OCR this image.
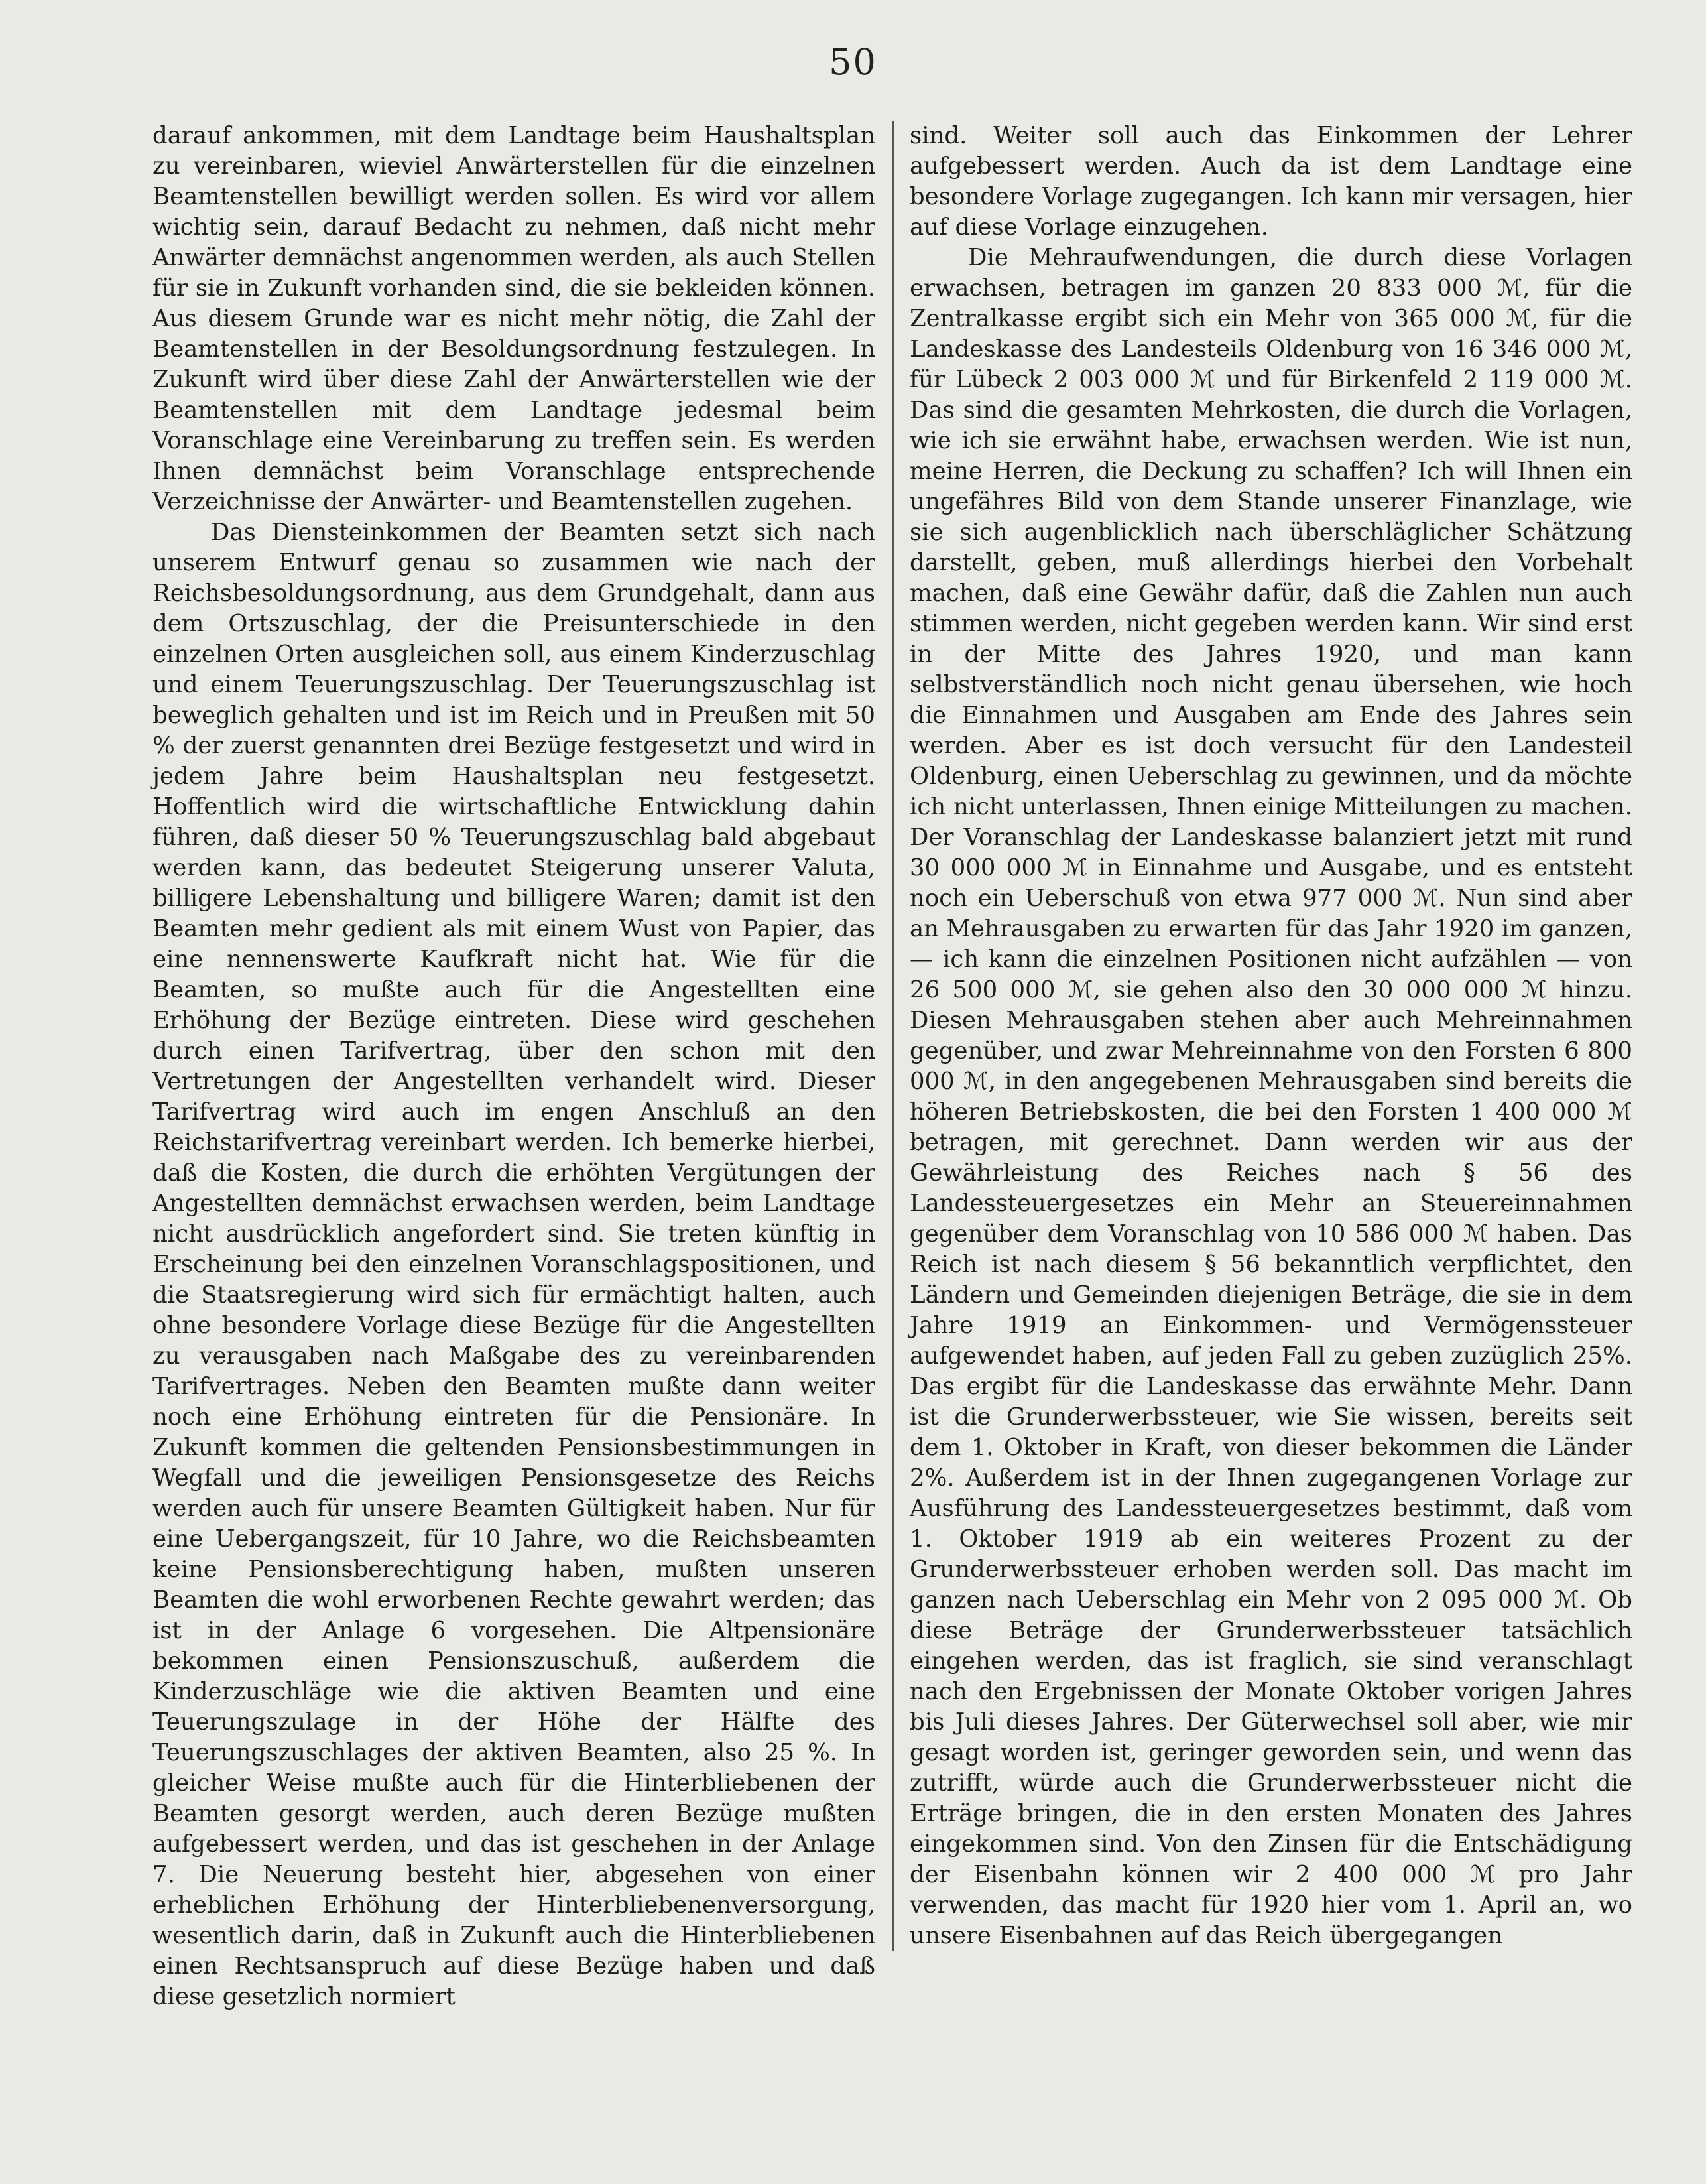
50

darauf ankommen, mit dem Landtage beim Haushaltsplan zu vereinbaren, wieviel Anwärterstellen für die einzelnen Beamtenstellen bewilligt werden sollen. Es wird vor allem wichtig sein, darauf Bedacht zu nehmen, daß nicht mehr Anwärter demnächst angenommen werden, als auch Stellen für sie in Zukunft vorhanden sind, die sie bekleiden können. Aus diesem Grunde war es nicht mehr nötig, die Zahl der Beamtenstellen in der Besoldungsordnung festzulegen. In Zukunft wird über diese Zahl der Anwärterstellen wie der Beamtenstellen mit dem Landtage jedesmal beim Voranschlage eine Vereinbarung zu treffen sein. Es werden Ihnen demnächst beim Voranschlage entsprechende Verzeichnisse der Anwärter- und Beamtenstellen zugehen.

Das Diensteinkommen der Beamten setzt sich nach unserem Entwurf genau so zusammen wie nach der Reichsbesoldungsordnung, aus dem Grundgehalt, dann aus dem Ortszuschlag, der die Preisunterschiede in den einzelnen Orten ausgleichen soll, aus einem Kinderzuschlag und einem Teuerungszuschlag. Der Teuerungszuschlag ist beweglich gehalten und ist im Reich und in Preußen mit 50 % der zuerst genannten drei Bezüge festgesetzt und wird in jedem Jahre beim Haushaltsplan neu festgesetzt. Hoffentlich wird die wirtschaftliche Entwicklung dahin führen, daß dieser 50 % Teuerungszuschlag bald abgebaut werden kann, das bedeutet Steigerung unserer Valuta, billigere Lebenshaltung und billigere Waren; damit ist den Beamten mehr gedient als mit einem Wust von Papier, das eine nennenswerte Kaufkraft nicht hat. Wie für die Beamten, so mußte auch für die Angestellten eine Erhöhung der Bezüge eintreten. Diese wird geschehen durch einen Tarifvertrag, über den schon mit den Vertretungen der Angestellten verhandelt wird. Dieser Tarifvertrag wird auch im engen Anschluß an den Reichstarifvertrag vereinbart werden. Ich bemerke hierbei, daß die Kosten, die durch die erhöhten Vergütungen der Angestellten demnächst erwachsen werden, beim Landtage nicht ausdrücklich angefordert sind. Sie treten künftig in Erscheinung bei den einzelnen Voranschlagspositionen, und die Staatsregierung wird sich für ermächtigt halten, auch ohne besondere Vorlage diese Bezüge für die Angestellten zu verausgaben nach Maßgabe des zu vereinbarenden Tarifvertrages. Neben den Beamten mußte dann weiter noch eine Erhöhung eintreten für die Pensionäre. In Zukunft kommen die geltenden Pensionsbestimmungen in Wegfall und die jeweiligen Pensionsgesetze des Reichs werden auch für unsere Beamten Gültigkeit haben. Nur für eine Uebergangszeit, für 10 Jahre, wo die Reichsbeamten keine Pensionsberechtigung haben, mußten unseren Beamten die wohl erworbenen Rechte gewahrt werden; das ist in der Anlage 6 vorgesehen. Die Altpensionäre bekommen einen Pensionszuschuß, außerdem die Kinderzuschläge wie die aktiven Beamten und eine Teuerungszulage in der Höhe der Hälfte des Teuerungszuschlages der aktiven Beamten, also 25 %. In gleicher Weise mußte auch für die Hinterbliebenen der Beamten gesorgt werden, auch deren Bezüge mußten aufgebessert werden, und das ist geschehen in der Anlage 7. Die Neuerung besteht hier, abgesehen von einer erheblichen Erhöhung der Hinterbliebenenversorgung, wesentlich darin, daß in Zukunft auch die Hinterbliebenen einen Rechtsanspruch auf diese Bezüge haben und daß diese gesetzlich normiert

sind. Weiter soll auch das Einkommen der Lehrer aufgebessert werden. Auch da ist dem Landtage eine besondere Vorlage zugegangen. Ich kann mir versagen, hier auf diese Vorlage einzugehen.

Die Mehraufwendungen, die durch diese Vorlagen erwachsen, betragen im ganzen 20 833 000 ℳ, für die Zentralkasse ergibt sich ein Mehr von 365 000 ℳ, für die Landeskasse des Landesteils Oldenburg von 16 346 000 ℳ, für Lübeck 2 003 000 ℳ und für Birkenfeld 2 119 000 ℳ. Das sind die gesamten Mehrkosten, die durch die Vorlagen, wie ich sie erwähnt habe, erwachsen werden. Wie ist nun, meine Herren, die Deckung zu schaffen? Ich will Ihnen ein ungefähres Bild von dem Stande unserer Finanzlage, wie sie sich augenblicklich nach überschläglicher Schätzung darstellt, geben, muß allerdings hierbei den Vorbehalt machen, daß eine Gewähr dafür, daß die Zahlen nun auch stimmen werden, nicht gegeben werden kann. Wir sind erst in der Mitte des Jahres 1920, und man kann selbstverständlich noch nicht genau übersehen, wie hoch die Einnahmen und Ausgaben am Ende des Jahres sein werden. Aber es ist doch versucht für den Landesteil Oldenburg, einen Ueberschlag zu gewinnen, und da möchte ich nicht unterlassen, Ihnen einige Mitteilungen zu machen. Der Voranschlag der Landeskasse balanziert jetzt mit rund 30 000 000 ℳ in Einnahme und Ausgabe, und es entsteht noch ein Ueberschuß von etwa 977 000 ℳ. Nun sind aber an Mehrausgaben zu erwarten für das Jahr 1920 im ganzen, — ich kann die einzelnen Positionen nicht aufzählen — von 26 500 000 ℳ, sie gehen also den 30 000 000 ℳ hinzu. Diesen Mehrausgaben stehen aber auch Mehreinnahmen gegenüber, und zwar Mehreinnahme von den Forsten 6 800 000 ℳ, in den angegebenen Mehrausgaben sind bereits die höheren Betriebskosten, die bei den Forsten 1 400 000 ℳ betragen, mit gerechnet. Dann werden wir aus der Gewährleistung des Reiches nach § 56 des Landessteuergesetzes ein Mehr an Steuereinnahmen gegenüber dem Voranschlag von 10 586 000 ℳ haben. Das Reich ist nach diesem § 56 bekanntlich verpflichtet, den Ländern und Gemeinden diejenigen Beträge, die sie in dem Jahre 1919 an Einkommen- und Vermögenssteuer aufgewendet haben, auf jeden Fall zu geben zuzüglich 25%. Das ergibt für die Landeskasse das erwähnte Mehr. Dann ist die Grunderwerbssteuer, wie Sie wissen, bereits seit dem 1. Oktober in Kraft, von dieser bekommen die Länder 2%. Außerdem ist in der Ihnen zugegangenen Vorlage zur Ausführung des Landessteuergesetzes bestimmt, daß vom 1. Oktober 1919 ab ein weiteres Prozent zu der Grunderwerbssteuer erhoben werden soll. Das macht im ganzen nach Ueberschlag ein Mehr von 2 095 000 ℳ. Ob diese Beträge der Grunderwerbssteuer tatsächlich eingehen werden, das ist fraglich, sie sind veranschlagt nach den Ergebnissen der Monate Oktober vorigen Jahres bis Juli dieses Jahres. Der Güterwechsel soll aber, wie mir gesagt worden ist, geringer geworden sein, und wenn das zutrifft, würde auch die Grunderwerbssteuer nicht die Erträge bringen, die in den ersten Monaten des Jahres eingekommen sind. Von den Zinsen für die Entschädigung der Eisenbahn können wir 2 400 000 ℳ pro Jahr verwenden, das macht für 1920 hier vom 1. April an, wo unsere Eisenbahnen auf das Reich übergegangen
